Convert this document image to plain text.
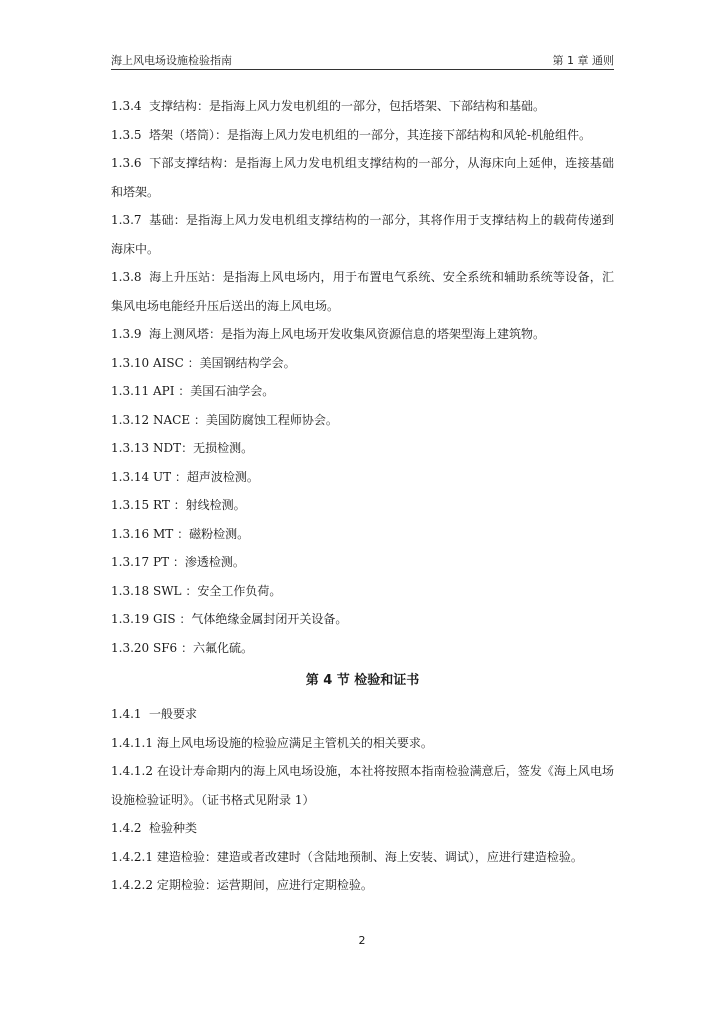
海上风电场设施检验指南	第 1 章 通则

1.3.4 支撑结构：是指海上风力发电机组的一部分，包括塔架、下部结构和基础。

1.3.5 塔架（塔筒）：是指海上风力发电机组的一部分，其连接下部结构和风轮-机舱组件。

1.3.6 下部支撑结构：是指海上风力发电机组支撑结构的一部分，从海床向上延伸，连接基础和塔架。

1.3.7 基础：是指海上风力发电机组支撑结构的一部分，其将作用于支撑结构上的载荷传递到海床中。

1.3.8 海上升压站：是指海上风电场内，用于布置电气系统、安全系统和辅助系统等设备，汇集风电场电能经升压后送出的海上风电场。

1.3.9 海上测风塔：是指为海上风电场开发收集风资源信息的塔架型海上建筑物。

1.3.10 AISC ：美国钢结构学会。

1.3.11 API ：美国石油学会。

1.3.12 NACE ：美国防腐蚀工程师协会。

1.3.13 NDT：无损检测。

1.3.14 UT ：超声波检测。

1.3.15 RT ：射线检测。

1.3.16 MT ：磁粉检测。

1.3.17 PT ：渗透检测。

1.3.18 SWL ：安全工作负荷。

1.3.19 GIS ：气体绝缘金属封闭开关设备。

1.3.20 SF6 ：六氟化硫。

第 4 节 检验和证书

1.4.1 一般要求

1.4.1.1 海上风电场设施的检验应满足主管机关的相关要求。

1.4.1.2 在设计寿命期内的海上风电场设施，本社将按照本指南检验满意后，签发《海上风电场设施检验证明》。（证书格式见附录 1）

1.4.2 检验种类

1.4.2.1 建造检验：建造或者改建时（含陆地预制、海上安装、调试），应进行建造检验。

1.4.2.2 定期检验：运营期间，应进行定期检验。

2
